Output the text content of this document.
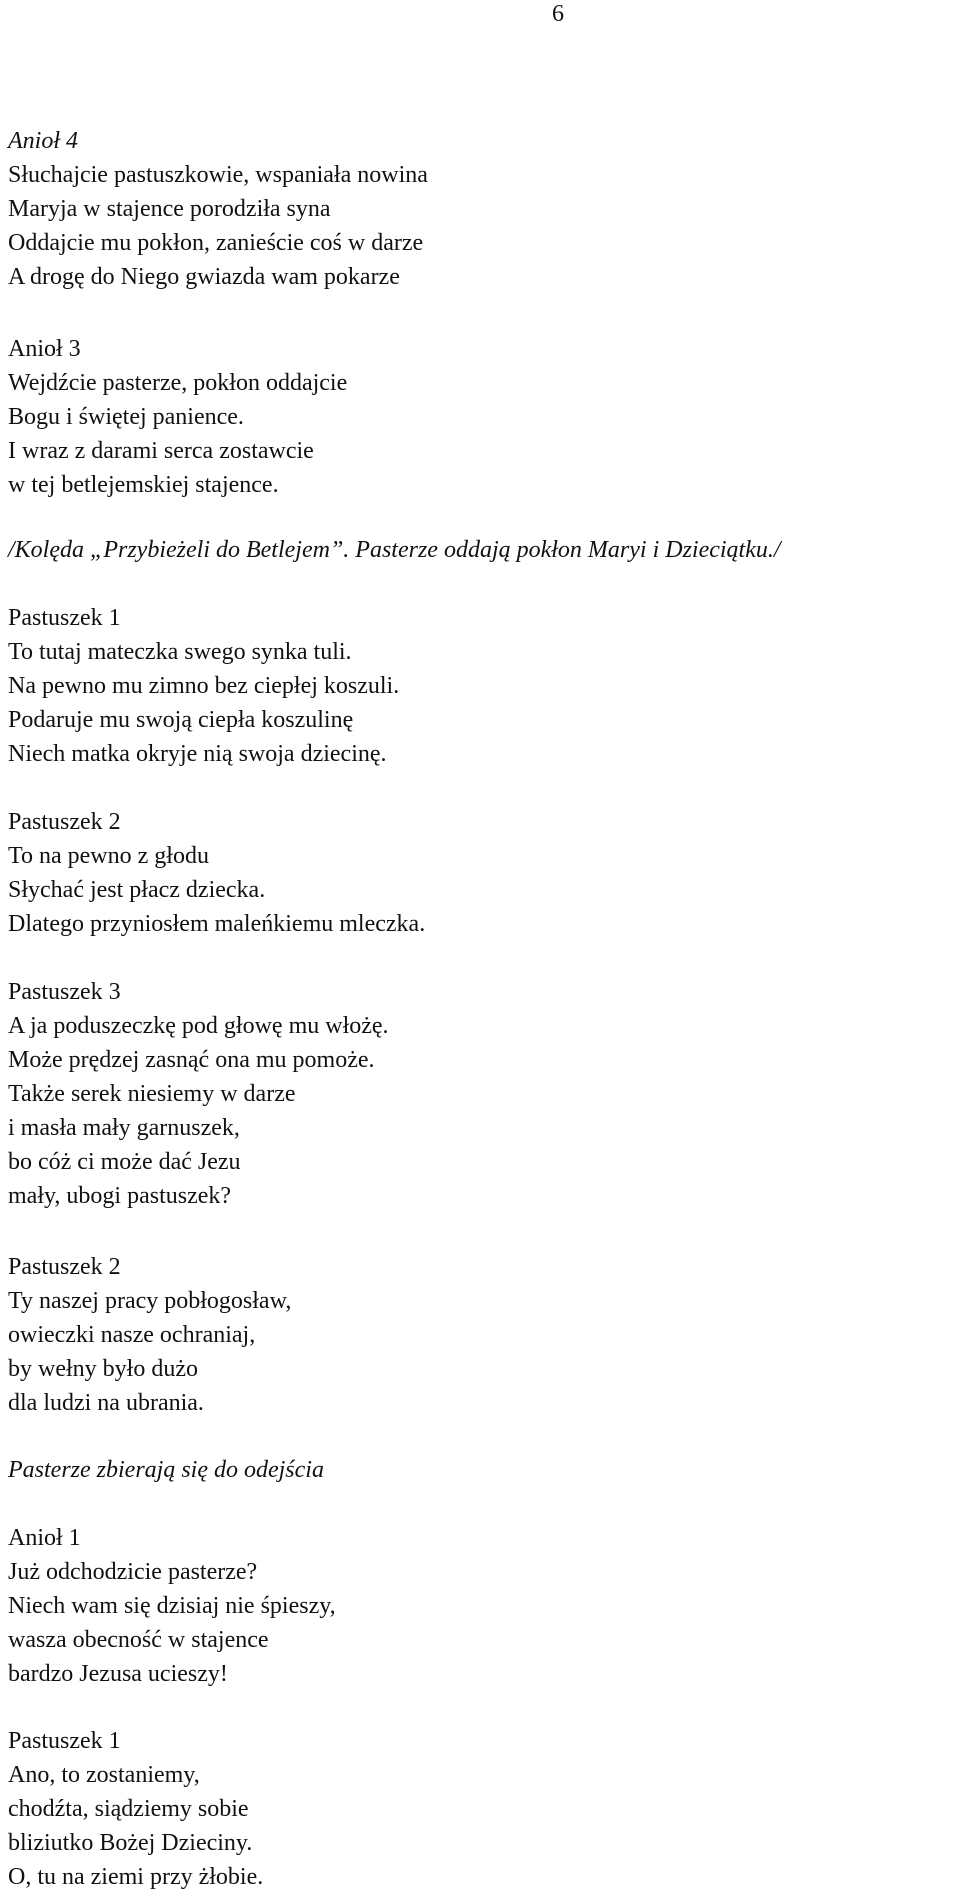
6
Anioł 4
Słuchajcie pastuszkowie, wspaniała nowina
Maryja w stajence porodziła syna
Oddajcie mu pokłon, zanieście coś w darze
A drogę do Niego gwiazda wam pokarze
Anioł 3
Wejdźcie pasterze, pokłon oddajcie
Bogu i świętej panience.
I wraz z darami serca zostawcie
w tej betlejemskiej stajence.
/Kolęda „Przybieżeli do Betlejem”. Pasterze oddają pokłon Maryi i Dzieciątku./
Pastuszek 1
To tutaj mateczka swego synka tuli.
Na pewno mu zimno bez ciepłej koszuli.
Podaruje mu swoją ciepła koszulinę
Niech matka okryje nią swoja dziecinę.
Pastuszek 2
To na pewno z głodu
Słychać jest płacz dziecka.
Dlatego przyniosłem maleńkiemu mleczka.
Pastuszek 3
A ja poduszeczkę pod głowę mu włożę.
Może prędzej zasnąć ona mu pomoże.
Także serek niesiemy w darze
i masła mały garnuszek,
bo cóż ci może dać Jezu
mały, ubogi pastuszek?
Pastuszek 2
Ty naszej pracy pobłogosław,
owieczki nasze ochraniaj,
by wełny było dużo
dla ludzi na ubrania.
Pasterze zbierają się do odejścia
Anioł 1
Już odchodzicie pasterze?
Niech wam się dzisiaj nie śpieszy,
wasza obecność w stajence
bardzo Jezusa ucieszy!
Pastuszek 1
Ano, to zostaniemy,
chodźta, siądziemy sobie
bliziutko Bożej Dzieciny.
O, tu na ziemi przy żłobie.
